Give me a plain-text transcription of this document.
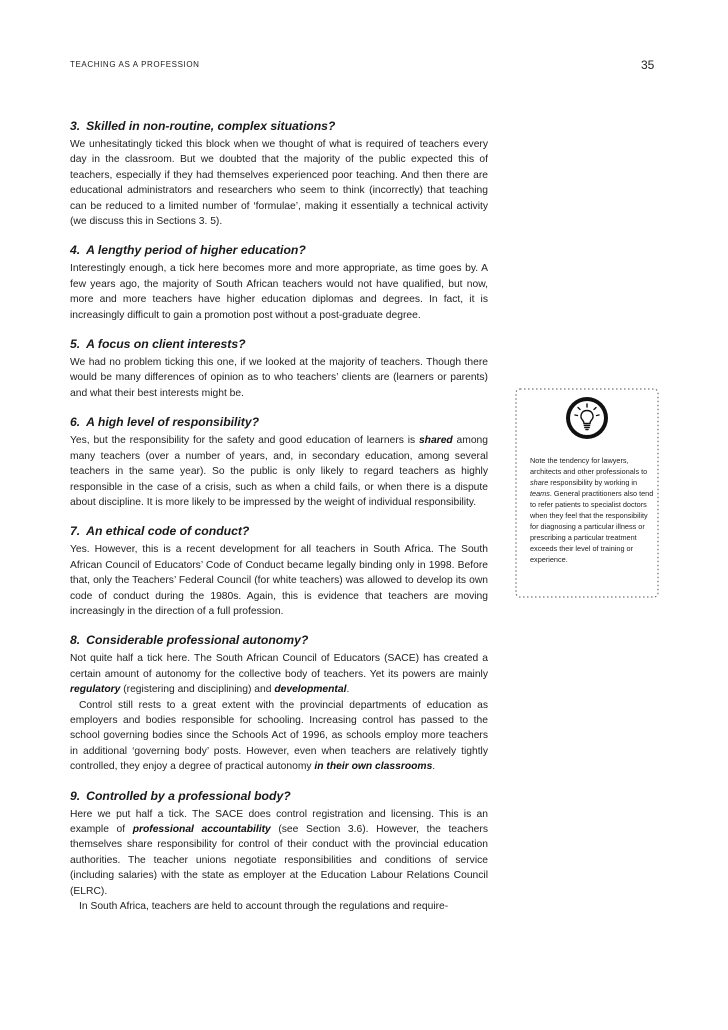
TEACHING AS A PROFESSION	35
3. Skilled in non-routine, complex situations?

We unhesitatingly ticked this block when we thought of what is required of teachers every day in the classroom. But we doubted that the majority of the public expected this of teachers, especially if they had themselves experienced poor teaching. And then there are educational administrators and researchers who seem to think (incorrectly) that teaching can be reduced to a limited number of ‘formulae’, making it essentially a technical activity (we discuss this in Sections 3. 5).

4. A lengthy period of higher education?

Interestingly enough, a tick here becomes more and more appropriate, as time goes by. A few years ago, the majority of South African teachers would not have qualified, but now, more and more teachers have higher education diplomas and degrees. In fact, it is increasingly difficult to gain a promotion post without a post-graduate degree.

5. A focus on client interests?

We had no problem ticking this one, if we looked at the majority of teachers. Though there would be many differences of opinion as to who teachers’ clients are (learners or parents) and what their best interests might be.

6. A high level of responsibility?

Yes, but the responsibility for the safety and good education of learners is shared among many teachers (over a number of years, and, in secondary education, among several teachers in the same year). So the public is only likely to regard teachers as highly responsible in the case of a crisis, such as when a child fails, or when there is a dispute about discipline. It is more likely to be impressed by the weight of individual responsibility.

7. An ethical code of conduct?

Yes. However, this is a recent development for all teachers in South Africa. The South African Council of Educators’ Code of Conduct became legally binding only in 1998. Before that, only the Teachers’ Federal Council (for white teachers) was allowed to develop its own code of conduct during the 1980s. Again, this is evidence that teachers are moving increasingly in the direction of a full profession.

8. Considerable professional autonomy?

Not quite half a tick here. The South African Council of Educators (SACE) has created a certain amount of autonomy for the collective body of teachers. Yet its powers are mainly regulatory (registering and disciplining) and developmental.

Control still rests to a great extent with the provincial departments of education as employers and bodies responsible for schooling. Increasing control has passed to the school governing bodies since the Schools Act of 1996, as schools employ more teachers in additional ‘governing body’ posts. However, even when teachers are relatively tightly controlled, they enjoy a degree of practical autonomy in their own classrooms.

9. Controlled by a professional body?

Here we put half a tick. The SACE does control registration and licensing. This is an example of professional accountability (see Section 3.6). However, the teachers themselves share responsibility for control of their conduct with the provincial education authorities. The teacher unions negotiate responsibilities and conditions of service (including salaries) with the state as employer at the Education Labour Relations Council (ELRC).

In South Africa, teachers are held to account through the regulations and require-

Note the tendency for lawyers, architects and other professionals to share responsibility by working in teams. General practitioners also tend to refer patients to specialist doctors when they feel that the responsibility for diagnosing a particular illness or prescribing a particular treatment exceeds their level of training or experience.
